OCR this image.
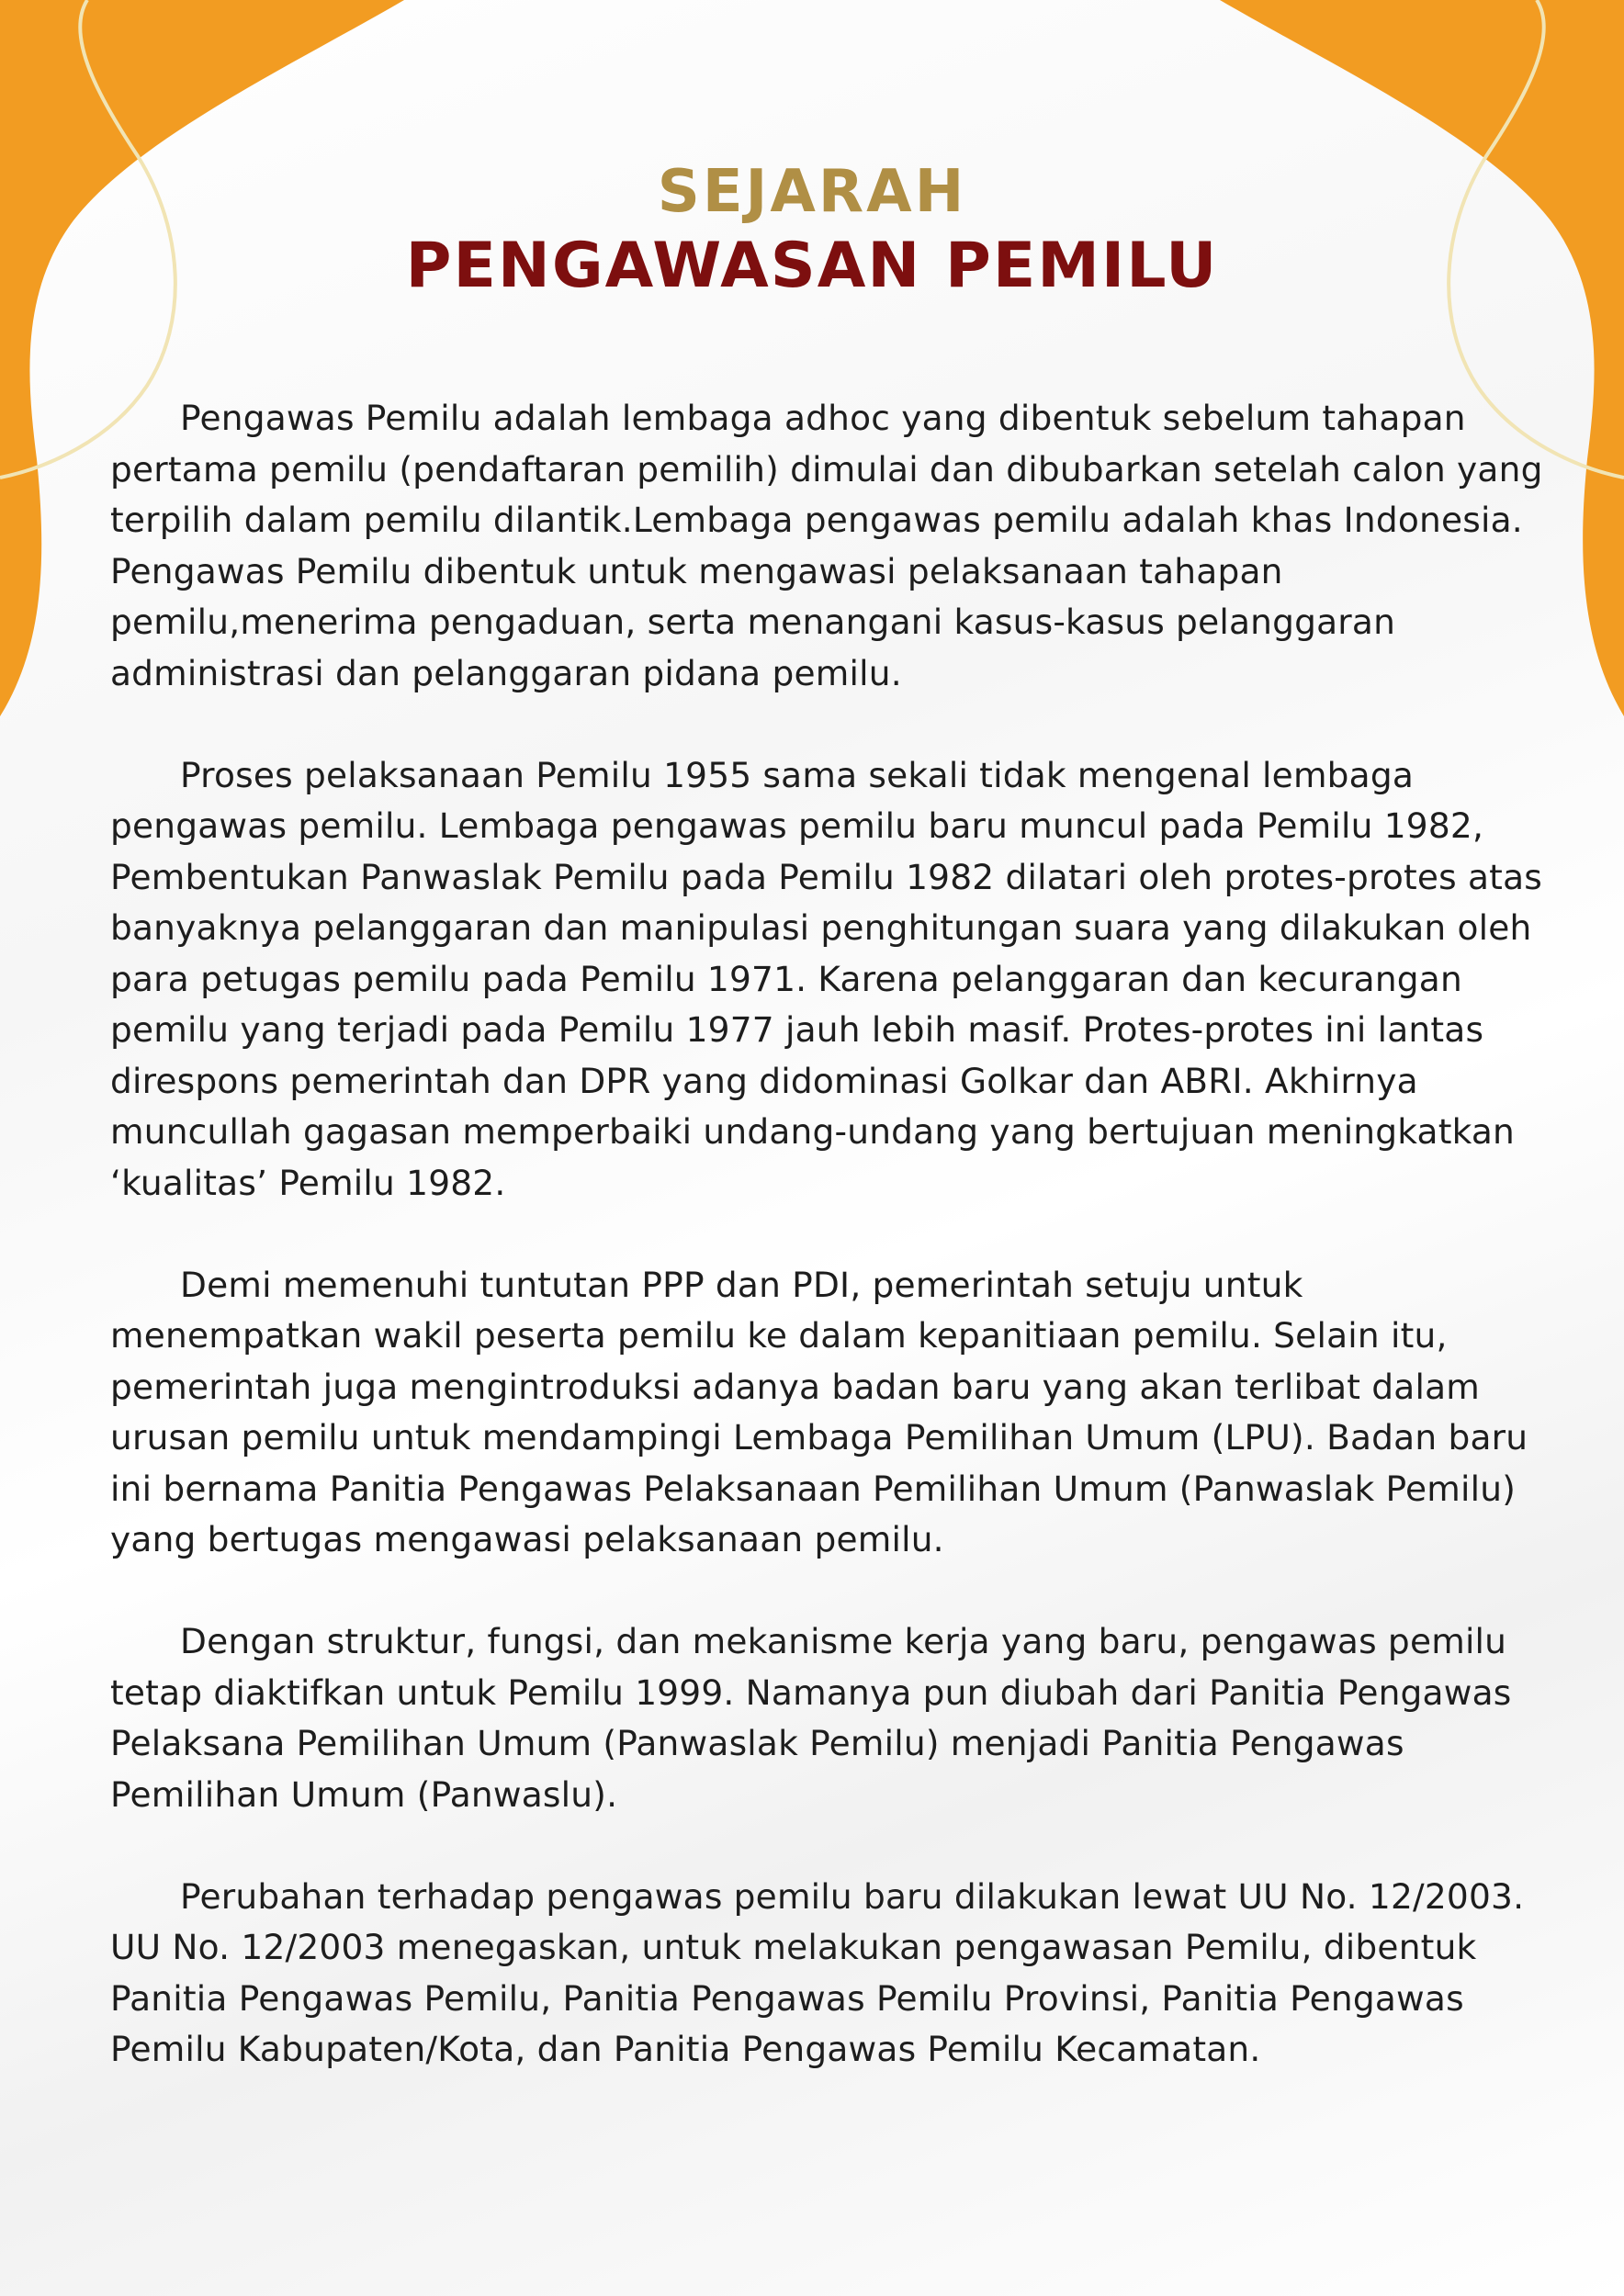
SEJARAH
PENGAWASAN PEMILU

Pengawas Pemilu adalah lembaga adhoc yang dibentuk sebelum tahapan pertama pemilu (pendaftaran pemilih) dimulai dan dibubarkan setelah calon yang terpilih dalam pemilu dilantik.Lembaga pengawas pemilu adalah khas Indonesia. Pengawas Pemilu dibentuk untuk mengawasi pelaksanaan tahapan pemilu,menerima pengaduan, serta menangani kasus-kasus pelanggaran administrasi dan pelanggaran pidana pemilu.

Proses pelaksanaan Pemilu 1955 sama sekali tidak mengenal lembaga pengawas pemilu. Lembaga pengawas pemilu baru muncul pada Pemilu 1982,
Pembentukan Panwaslak Pemilu pada Pemilu 1982 dilatari oleh protes-protes atas banyaknya pelanggaran dan manipulasi penghitungan suara yang dilakukan oleh para petugas pemilu pada Pemilu 1971. Karena pelanggaran dan kecurangan pemilu yang terjadi pada Pemilu 1977 jauh lebih masif. Protes-protes ini lantas direspons pemerintah dan DPR yang didominasi Golkar dan ABRI. Akhirnya muncullah gagasan memperbaiki undang-undang yang bertujuan meningkatkan ‘kualitas’ Pemilu 1982.

Demi memenuhi tuntutan PPP dan PDI, pemerintah setuju untuk menempatkan wakil peserta pemilu ke dalam kepanitiaan pemilu. Selain itu, pemerintah juga mengintroduksi adanya badan baru yang akan terlibat dalam urusan pemilu untuk mendampingi Lembaga Pemilihan Umum (LPU). Badan baru ini bernama Panitia Pengawas Pelaksanaan Pemilihan Umum (Panwaslak Pemilu) yang bertugas mengawasi pelaksanaan pemilu.

Dengan struktur, fungsi, dan mekanisme kerja yang baru, pengawas pemilu tetap diaktifkan untuk Pemilu 1999. Namanya pun diubah dari Panitia Pengawas Pelaksana Pemilihan Umum (Panwaslak Pemilu) menjadi Panitia Pengawas Pemilihan Umum (Panwaslu).

Perubahan terhadap pengawas pemilu baru dilakukan lewat UU No. 12/2003. UU No. 12/2003 menegaskan, untuk melakukan pengawasan Pemilu, dibentuk Panitia Pengawas Pemilu, Panitia Pengawas Pemilu Provinsi, Panitia Pengawas Pemilu Kabupaten/Kota, dan Panitia Pengawas Pemilu Kecamatan.
